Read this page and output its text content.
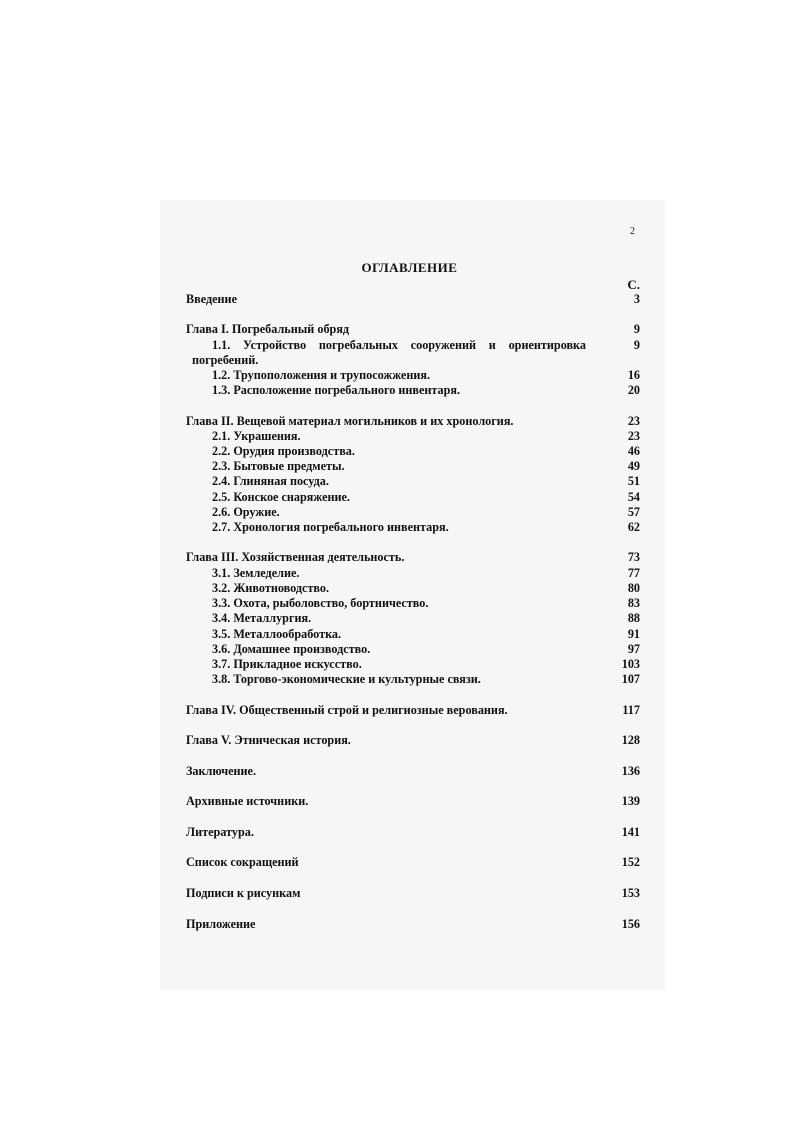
2
ОГЛАВЛЕНИЕ
С.
Введение	3
Глава I. Погребальный обряд	9
1.1. Устройство погребальных сооружений и ориентировка	9
погребений.
1.2. Трупоположения и трупосожжения.	16
1.3. Расположение погребального инвентаря.	20
Глава II. Вещевой материал могильников и их хронология.	23
2.1. Украшения.	23
2.2. Орудия производства.	46
2.3. Бытовые предметы.	49
2.4. Глиняная посуда.	51
2.5. Конское снаряжение.	54
2.6. Оружие.	57
2.7. Хронология погребального инвентаря.	62
Глава III. Хозяйственная деятельность.	73
3.1. Земледелие.	77
3.2. Животноводство.	80
3.3. Охота, рыболовство, бортничество.	83
3.4. Металлургия.	88
3.5. Металлообработка.	91
3.6. Домашнее производство.	97
3.7. Прикладное искусство.	103
3.8. Торгово-экономические и культурные связи.	107
Глава IV. Общественный строй и религиозные верования.	117
Глава V. Этническая история.	128
Заключение.	136
Архивные источники.	139
Литература.	141
Список сокращений	152
Подписи к рисункам	153
Приложение	156
